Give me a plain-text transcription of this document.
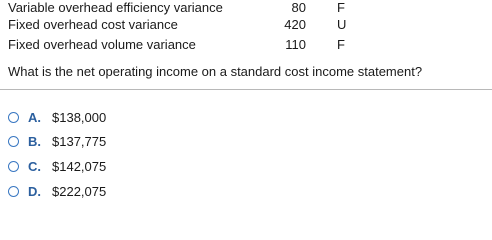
Variable overhead efficiency variance	80 F
Fixed overhead cost variance	420 U
Fixed overhead volume variance	110 F
What is the net operating income on a standard cost income statement?
A. $138,000
B. $137,775
C. $142,075
D. $222,075
